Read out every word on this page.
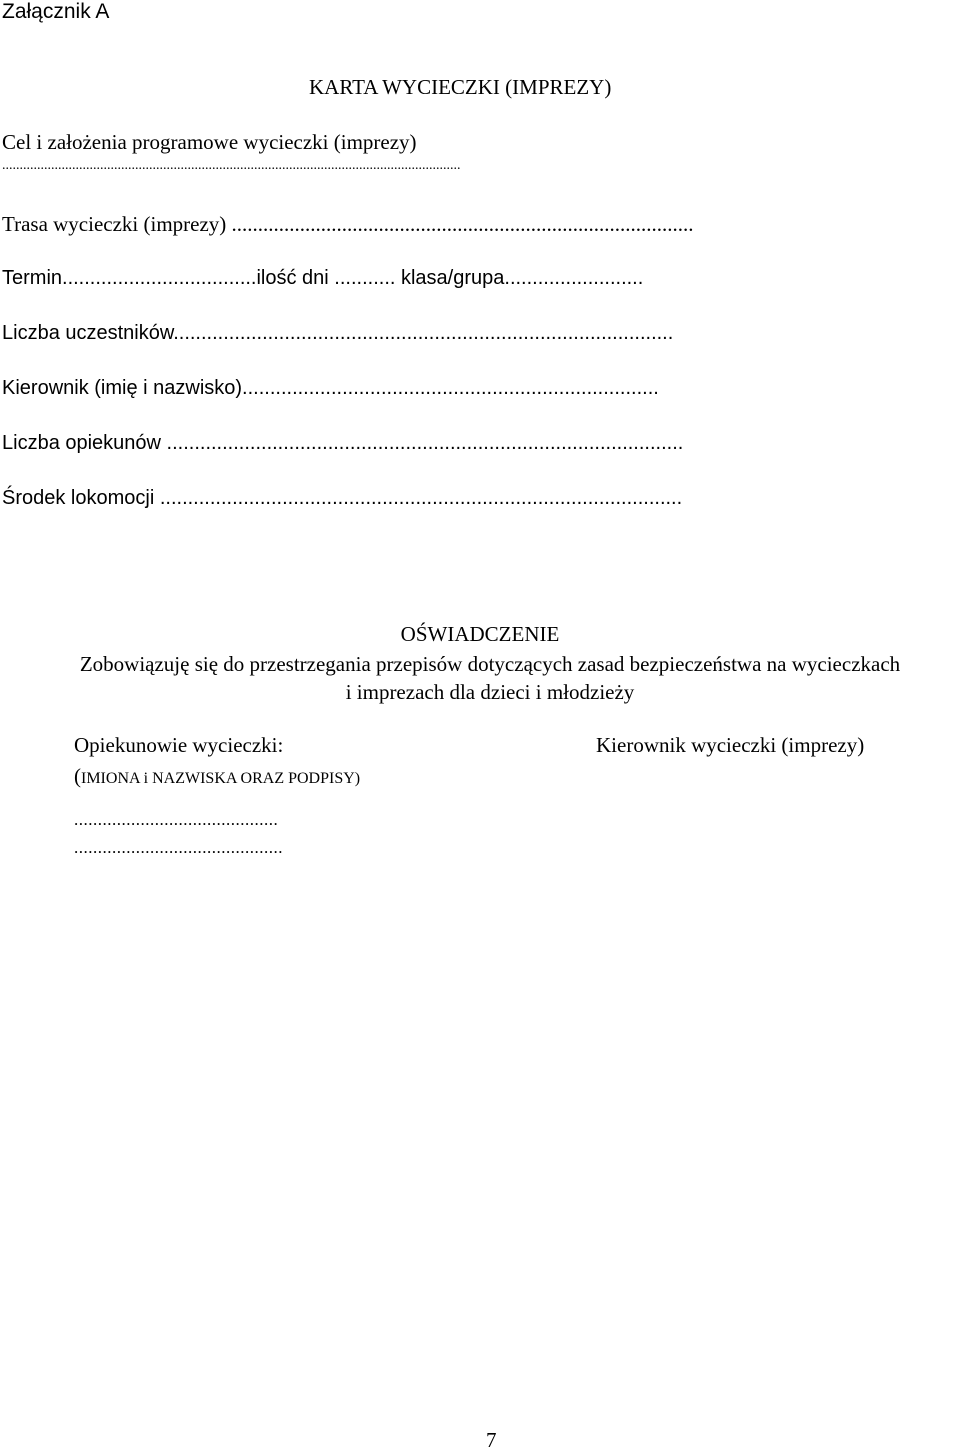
Załącznik A
KARTA WYCIECZKI (IMPREZY)
Cel i założenia programowe wycieczki (imprezy)
...................................................................................................................................
Trasa wycieczki (imprezy) ........................................................................................
Termin...................................ilość dni ........... klasa/grupa.........................
Liczba uczestników..........................................................................................
Kierownik (imię i nazwisko)...........................................................................
Liczba opiekunów .............................................................................................
Środek lokomocji ..............................................................................................
OŚWIADCZENIE
Zobowiązuję się do przestrzegania przepisów dotyczących zasad bezpieczeństwa na wycieczkach
i imprezach dla dzieci i młodzieży
Opiekunowie wycieczki:	Kierownik wycieczki (imprezy)
(IMIONA i NAZWISKA ORAZ PODPISY)
...........................................
............................................
7
